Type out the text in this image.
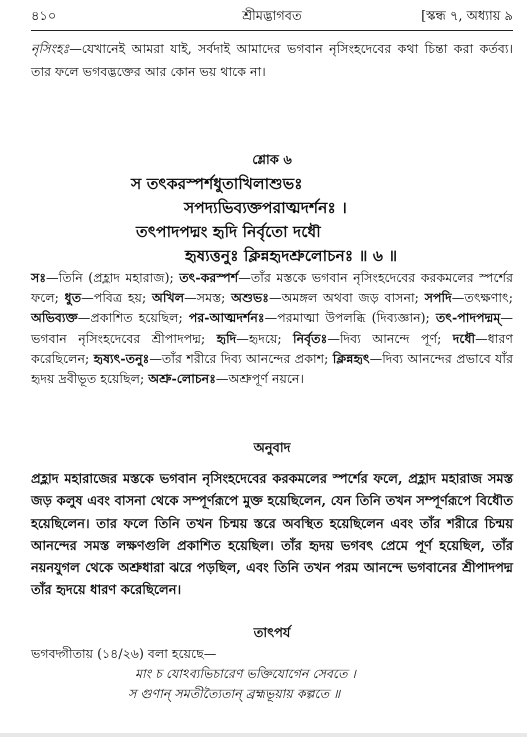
৪১০	শ্রীমদ্ভাগবত	[স্কন্ধ ৭, অধ্যায় ৯

নৃসিংহঃ—যেখানেই আমরা যাই, সর্বদাই আমাদের ভগবান নৃসিংহদেবের কথা চিন্তা করা কর্তব্য। তার ফলে ভগবদ্ভক্তের আর কোন ভয় থাকে না।

শ্লোক ৬

স তৎকরস্পর্শধুতাখিলাশুভঃ

সপদ্যভিব্যক্তপরাত্মদর্শনঃ ।

তৎপাদপদ্মং হৃদি নির্বৃতো দধৌ

হৃষ্যত্তনুঃ ক্লিন্নহৃদশ্রুলোচনঃ ॥ ৬ ॥

সঃ—তিনি (প্রহ্লাদ মহারাজ); তৎ-করস্পর্শ—তাঁর মস্তকে ভগবান নৃসিংহদেবের করকমলের স্পর্শের ফলে; ধুত—পবিত্র হয়; অখিল—সমস্ত; অশুভঃ—অমঙ্গল অথবা জড় বাসনা; সপদি—তৎক্ষণাৎ; অভিব্যক্ত—প্রকাশিত হয়েছিল; পর-আত্মদর্শনঃ—পরমাত্মা উপলব্ধি (দিব্যজ্ঞান); তৎ-পাদপদ্মম্—ভগবান নৃসিংহদেবের শ্রীপাদপদ্ম; হৃদি—হৃদয়ে; নির্বৃতঃ—দিব্য আনন্দে পূর্ণ; দধৌ—ধারণ করেছিলেন; হৃষ্যৎ-তনুঃ—তাঁর শরীরে দিব্য আনন্দের প্রকাশ; ক্লিন্নহৃৎ—দিব্য আনন্দের প্রভাবে যাঁর হৃদয় দ্রবীভূত হয়েছিল; অশ্রু-লোচনঃ—অশ্রুপূর্ণ নয়নে।

অনুবাদ

প্রহ্লাদ মহারাজের মস্তকে ভগবান নৃসিংহদেবের করকমলের স্পর্শের ফলে, প্রহ্লাদ মহারাজ সমস্ত জড় কলুষ এবং বাসনা থেকে সম্পূর্ণরূপে মুক্ত হয়েছিলেন, যেন তিনি তখন সম্পূর্ণরূপে বিধৌত হয়েছিলেন। তার ফলে তিনি তখন চিন্ময় স্তরে অবস্থিত হয়েছিলেন এবং তাঁর শরীরে চিন্ময় আনন্দের সমস্ত লক্ষণগুলি প্রকাশিত হয়েছিল। তাঁর হৃদয় ভগবৎ প্রেমে পূর্ণ হয়েছিল, তাঁর নয়নযুগল থেকে অশ্রুধারা ঝরে পড়ছিল, এবং তিনি তখন পরম আনন্দে ভগবানের শ্রীপাদপদ্ম তাঁর হৃদয়ে ধারণ করেছিলেন।

তাৎপর্য

ভগবদ্গীতায় (১৪/২৬) বলা হয়েছে—

মাং চ যোঽব্যভিচারেণ ভক্তিযোগেন সেবতে ।

স গুণান্ সমতীত্যৈতান্ ব্রহ্মভূয়ায় কল্পতে ॥
